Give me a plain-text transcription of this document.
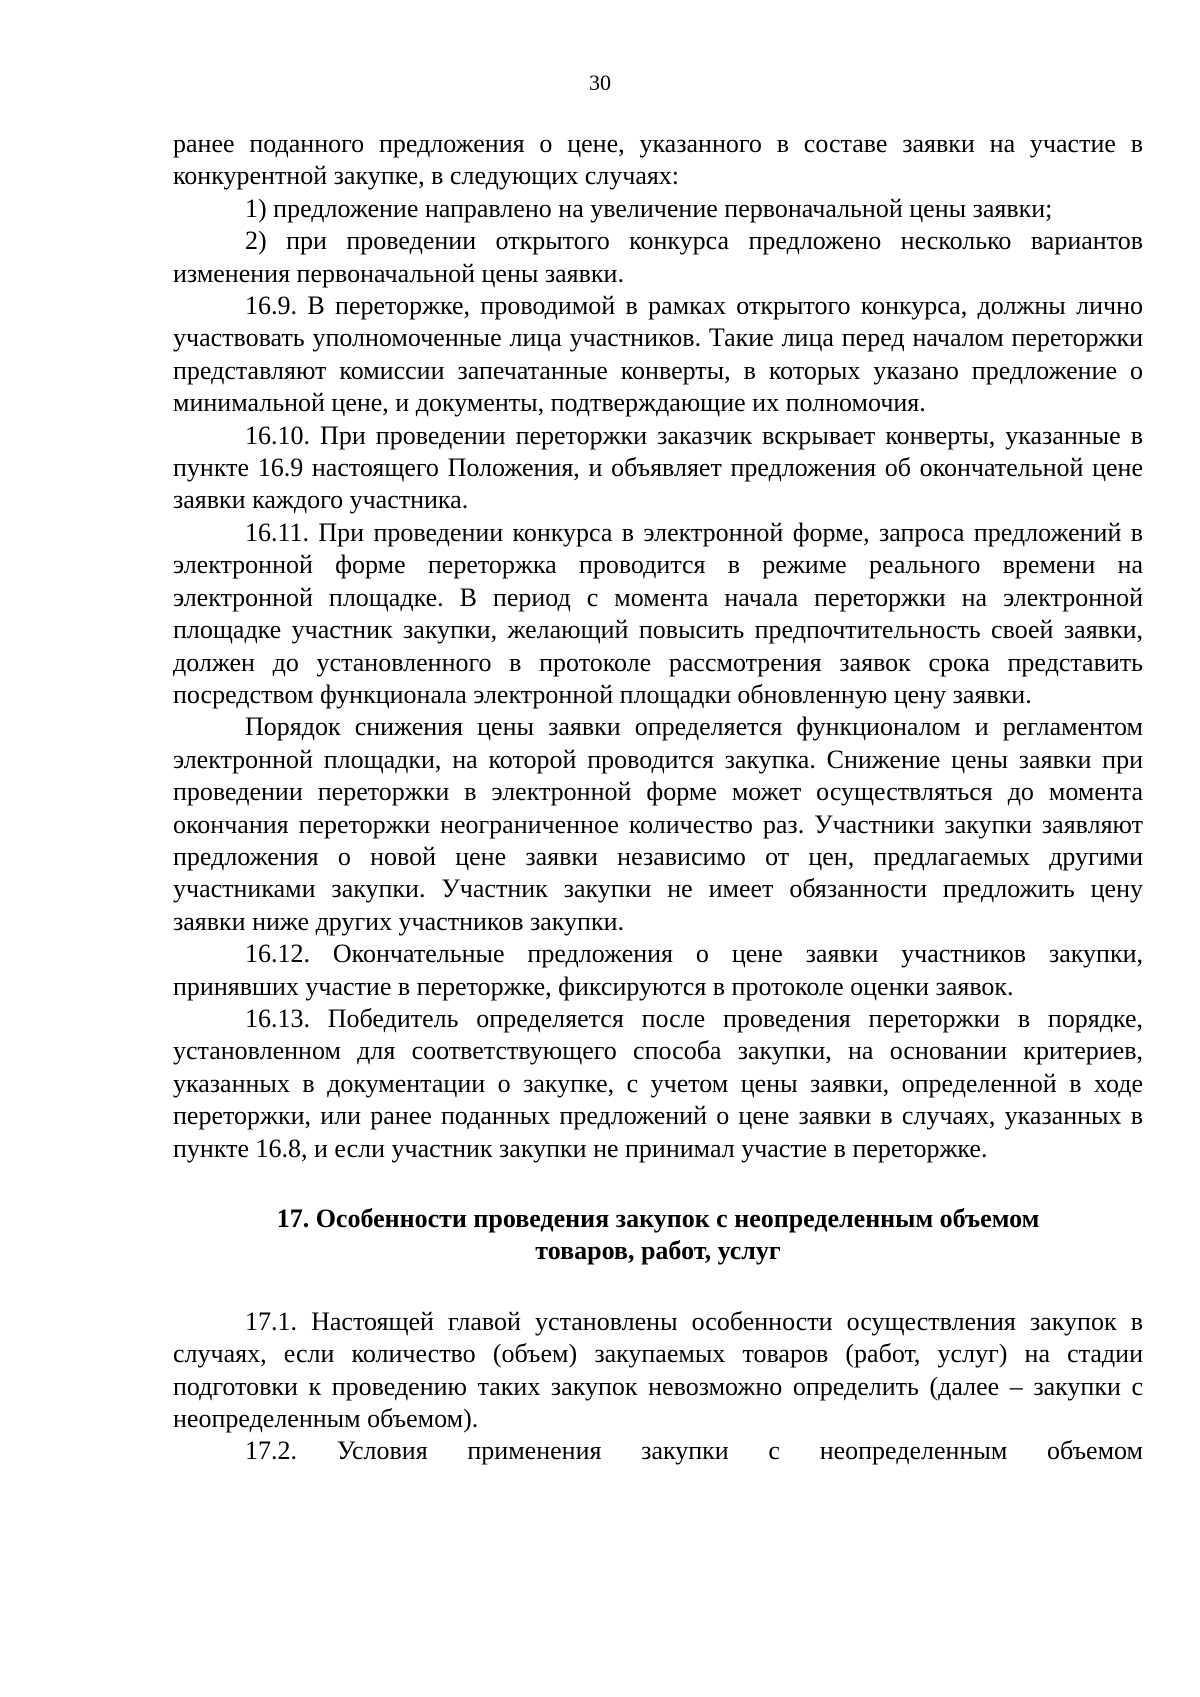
30

ранее поданного предложения о цене, указанного в составе заявки на участие в конкурентной закупке, в следующих случаях:

1) предложение направлено на увеличение первоначальной цены заявки;

2) при проведении открытого конкурса предложено несколько вариантов изменения первоначальной цены заявки.

16.9. В переторжке, проводимой в рамках открытого конкурса, должны лично участвовать уполномоченные лица участников. Такие лица перед началом переторжки представляют комиссии запечатанные конверты, в которых указано предложение о минимальной цене, и документы, подтверждающие их полномочия.

16.10. При проведении переторжки заказчик вскрывает конверты, указанные в пункте 16.9 настоящего Положения, и объявляет предложения об окончательной цене заявки каждого участника.

16.11. При проведении конкурса в электронной форме, запроса предложений в электронной форме переторжка проводится в режиме реального времени на электронной площадке. В период с момента начала переторжки на электронной площадке участник закупки, желающий повысить предпочтительность своей заявки, должен до установленного в протоколе рассмотрения заявок срока представить посредством функционала электронной площадки обновленную цену заявки.

Порядок снижения цены заявки определяется функционалом и регламентом электронной площадки, на которой проводится закупка. Снижение цены заявки при проведении переторжки в электронной форме может осуществляться до момента окончания переторжки неограниченное количество раз. Участники закупки заявляют предложения о новой цене заявки независимо от цен, предлагаемых другими участниками закупки. Участник закупки не имеет обязанности предложить цену заявки ниже других участников закупки.

16.12. Окончательные предложения о цене заявки участников закупки, принявших участие в переторжке, фиксируются в протоколе оценки заявок.

16.13. Победитель определяется после проведения переторжки в порядке, установленном для соответствующего способа закупки, на основании критериев, указанных в документации о закупке, с учетом цены заявки, определенной в ходе переторжки, или ранее поданных предложений о цене заявки в случаях, указанных в пункте 16.8, и если участник закупки не принимал участие в переторжке.

17. Особенности проведения закупок с неопределенным объемом
товаров, работ, услуг

17.1. Настоящей главой установлены особенности осуществления закупок в случаях, если количество (объем) закупаемых товаров (работ, услуг) на стадии подготовки к проведению таких закупок невозможно определить (далее – закупки с неопределенным объемом).

17.2. Условия применения закупки с неопределенным объемом
